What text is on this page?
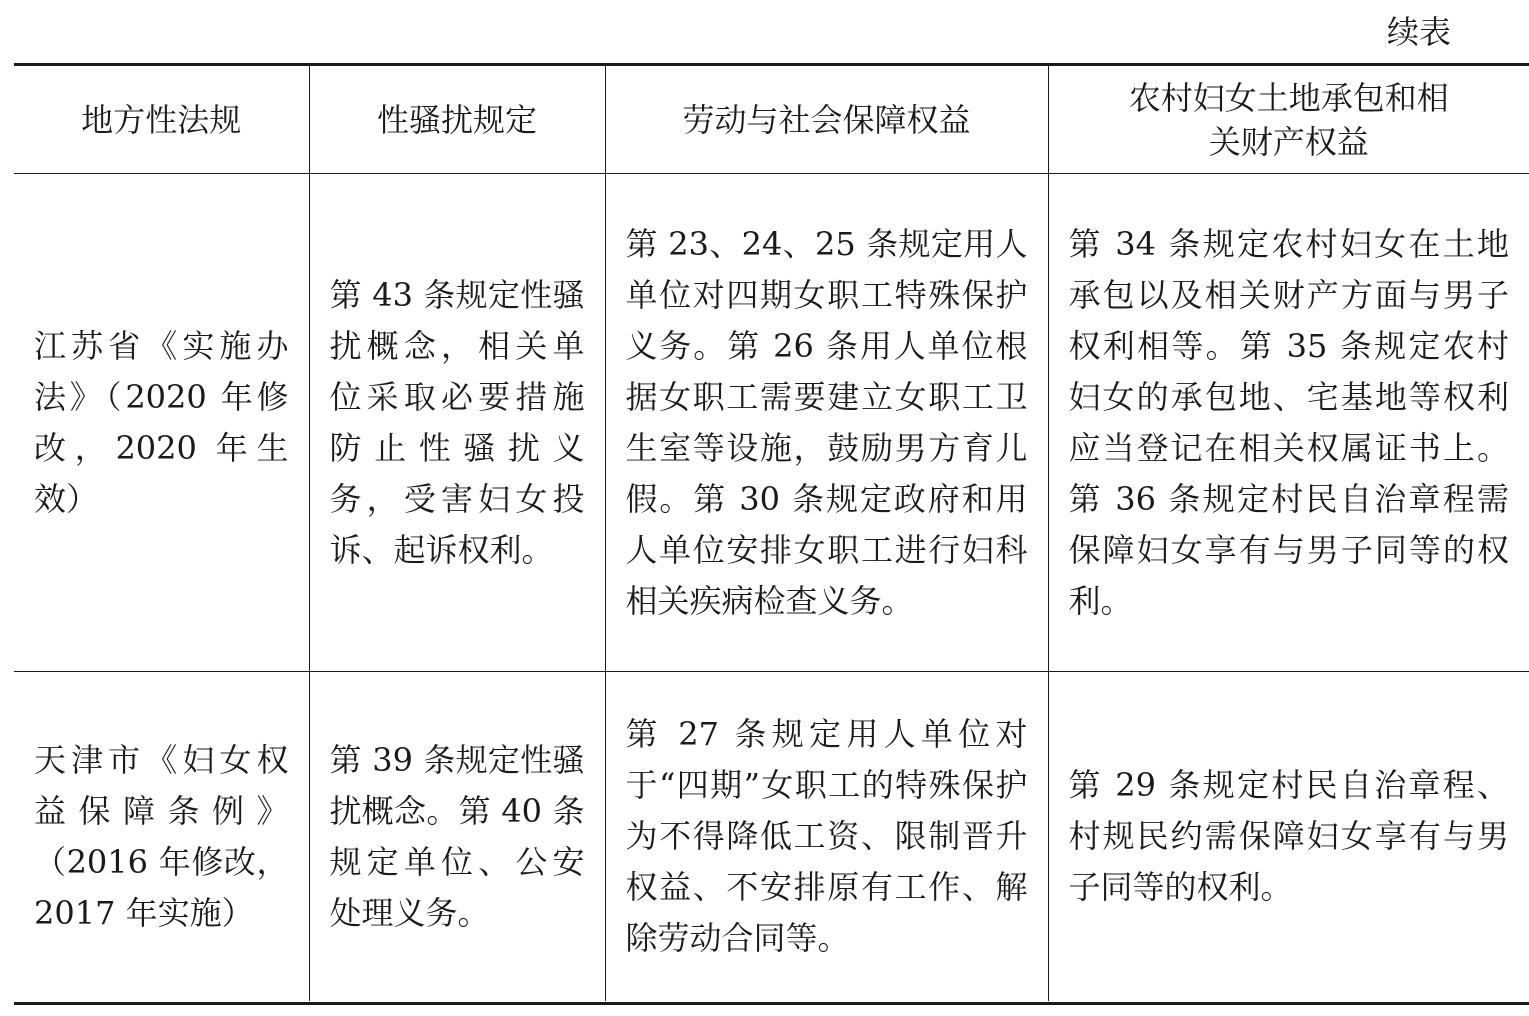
续表
地方性法规	性骚扰规定	劳动与社会保障权益	农村妇女土地承包和相关财产权益
江苏省《实施办法》（2020 年修改，2020 年生效）	第 43 条规定性骚扰概念，相关单位采取必要措施防止性骚扰义务，受害妇女投诉、起诉权利。	第 23、24、25 条规定用人单位对四期女职工特殊保护义务。第 26 条用人单位根据女职工需要建立女职工卫生室等设施，鼓励男方育儿假。第 30 条规定政府和用人单位安排女职工进行妇科相关疾病检查义务。	第 34 条规定农村妇女在土地承包以及相关财产方面与男子权利相等。第 35 条规定农村妇女的承包地、宅基地等权利应当登记在相关权属证书上。第 36 条规定村民自治章程需保障妇女享有与男子同等的权利。
天津市《妇女权益保障条例》（2016 年修改，2017 年实施）	第 39 条规定性骚扰概念。第 40 条规定单位、公安处理义务。	第 27 条规定用人单位对于“四期”女职工的特殊保护为不得降低工资、限制晋升权益、不安排原有工作、解除劳动合同等。	第 29 条规定村民自治章程、村规民约需保障妇女享有与男子同等的权利。
